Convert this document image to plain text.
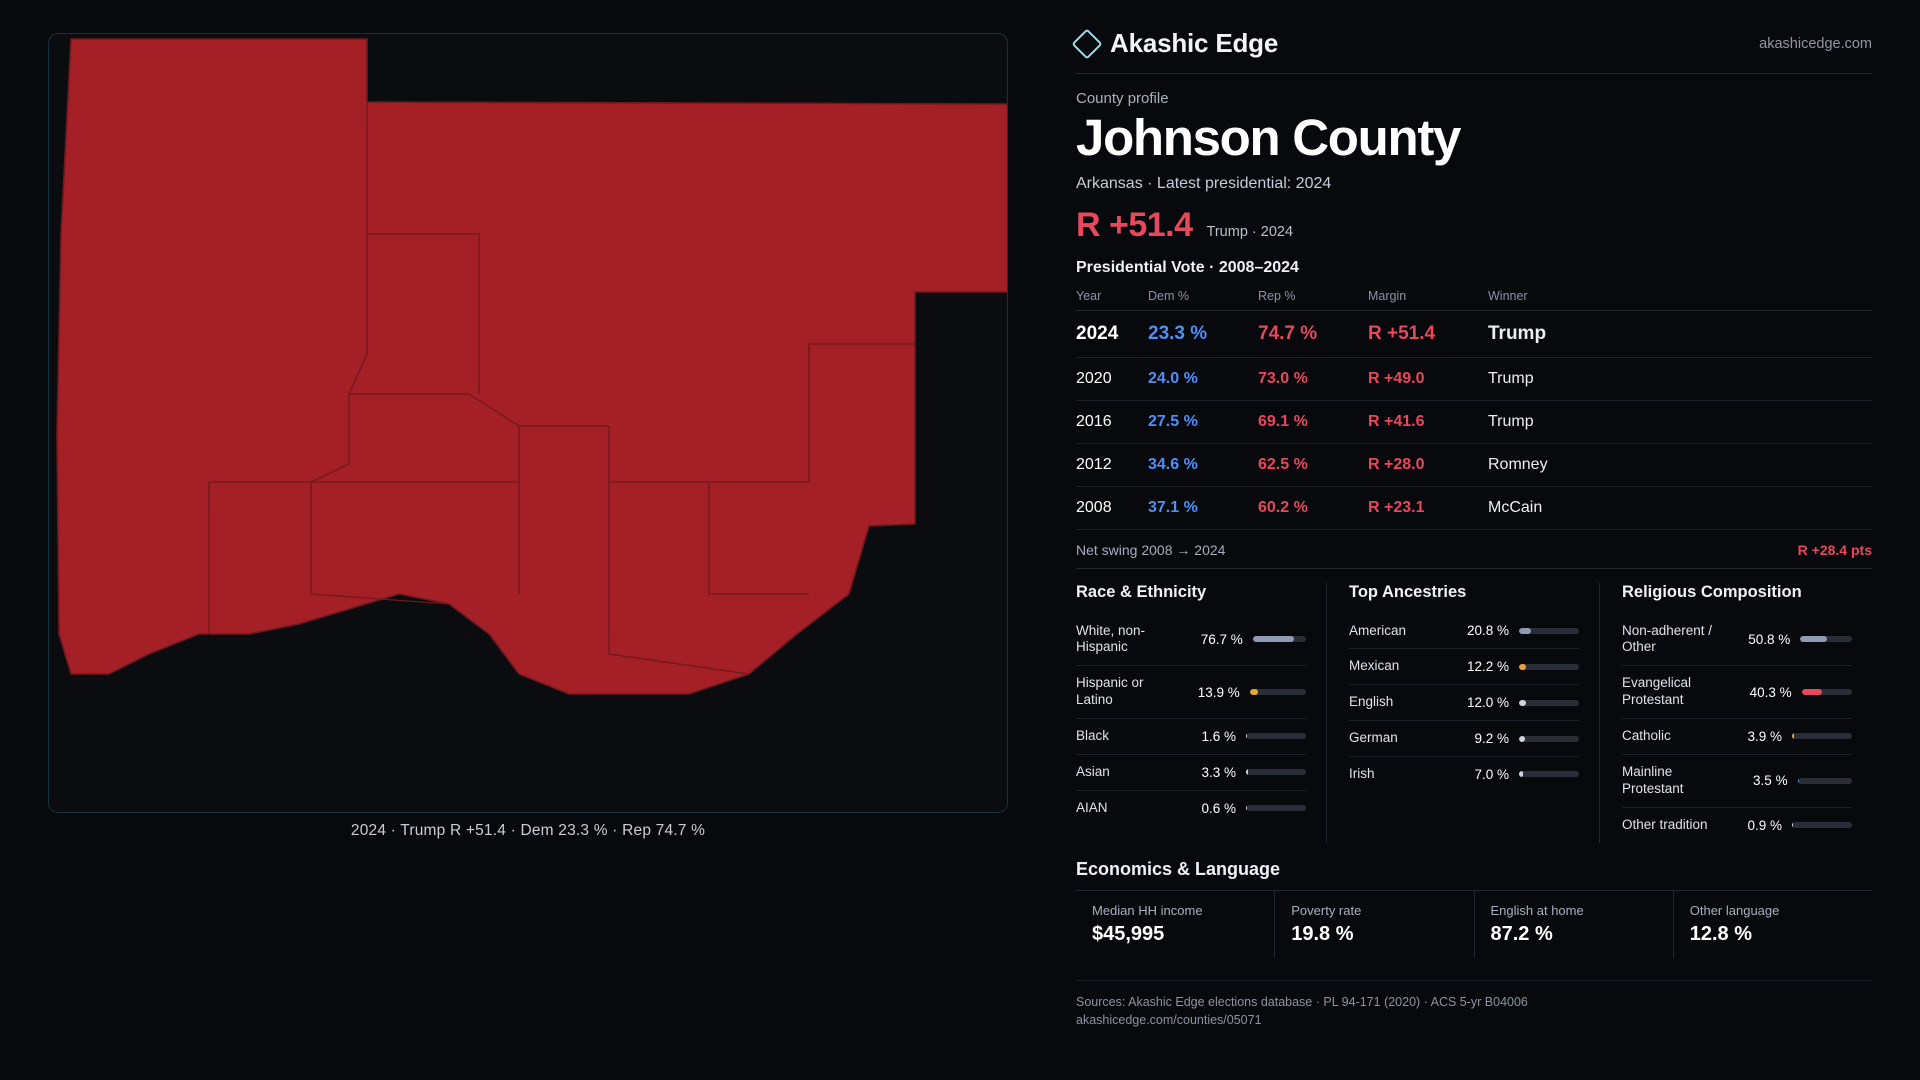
2024 · Trump R +51.4 · Dem 23.3 % · Rep 74.7 %
Akashic Edge	akashicedge.com
County profile
Johnson County
Arkansas · Latest presidential: 2024
R +51.4 Trump · 2024
Presidential Vote · 2008–2024
Year	Dem %	Rep %	Margin	Winner
2024	23.3 %	74.7 %	R +51.4	Trump
2020	24.0 %	73.0 %	R +49.0	Trump
2016	27.5 %	69.1 %	R +41.6	Trump
2012	34.6 %	62.5 %	R +28.0	Romney
2008	37.1 %	60.2 %	R +23.1	McCain
Net swing 2008 → 2024	R +28.4 pts
Race & Ethnicity
White, non-Hispanic	76.7 %
Hispanic or Latino	13.9 %
Black	1.6 %
Asian	3.3 %
AIAN	0.6 %
Top Ancestries
American	20.8 %
Mexican	12.2 %
English	12.0 %
German	9.2 %
Irish	7.0 %
Religious Composition
Non-adherent / Other	50.8 %
Evangelical Protestant	40.3 %
Catholic	3.9 %
Mainline Protestant	3.5 %
Other tradition	0.9 %
Economics & Language
Median HH income
$45,995
Poverty rate
19.8 %
English at home
87.2 %
Other language
12.8 %
Sources: Akashic Edge elections database · PL 94-171 (2020) · ACS 5-yr B04006
akashicedge.com/counties/05071
